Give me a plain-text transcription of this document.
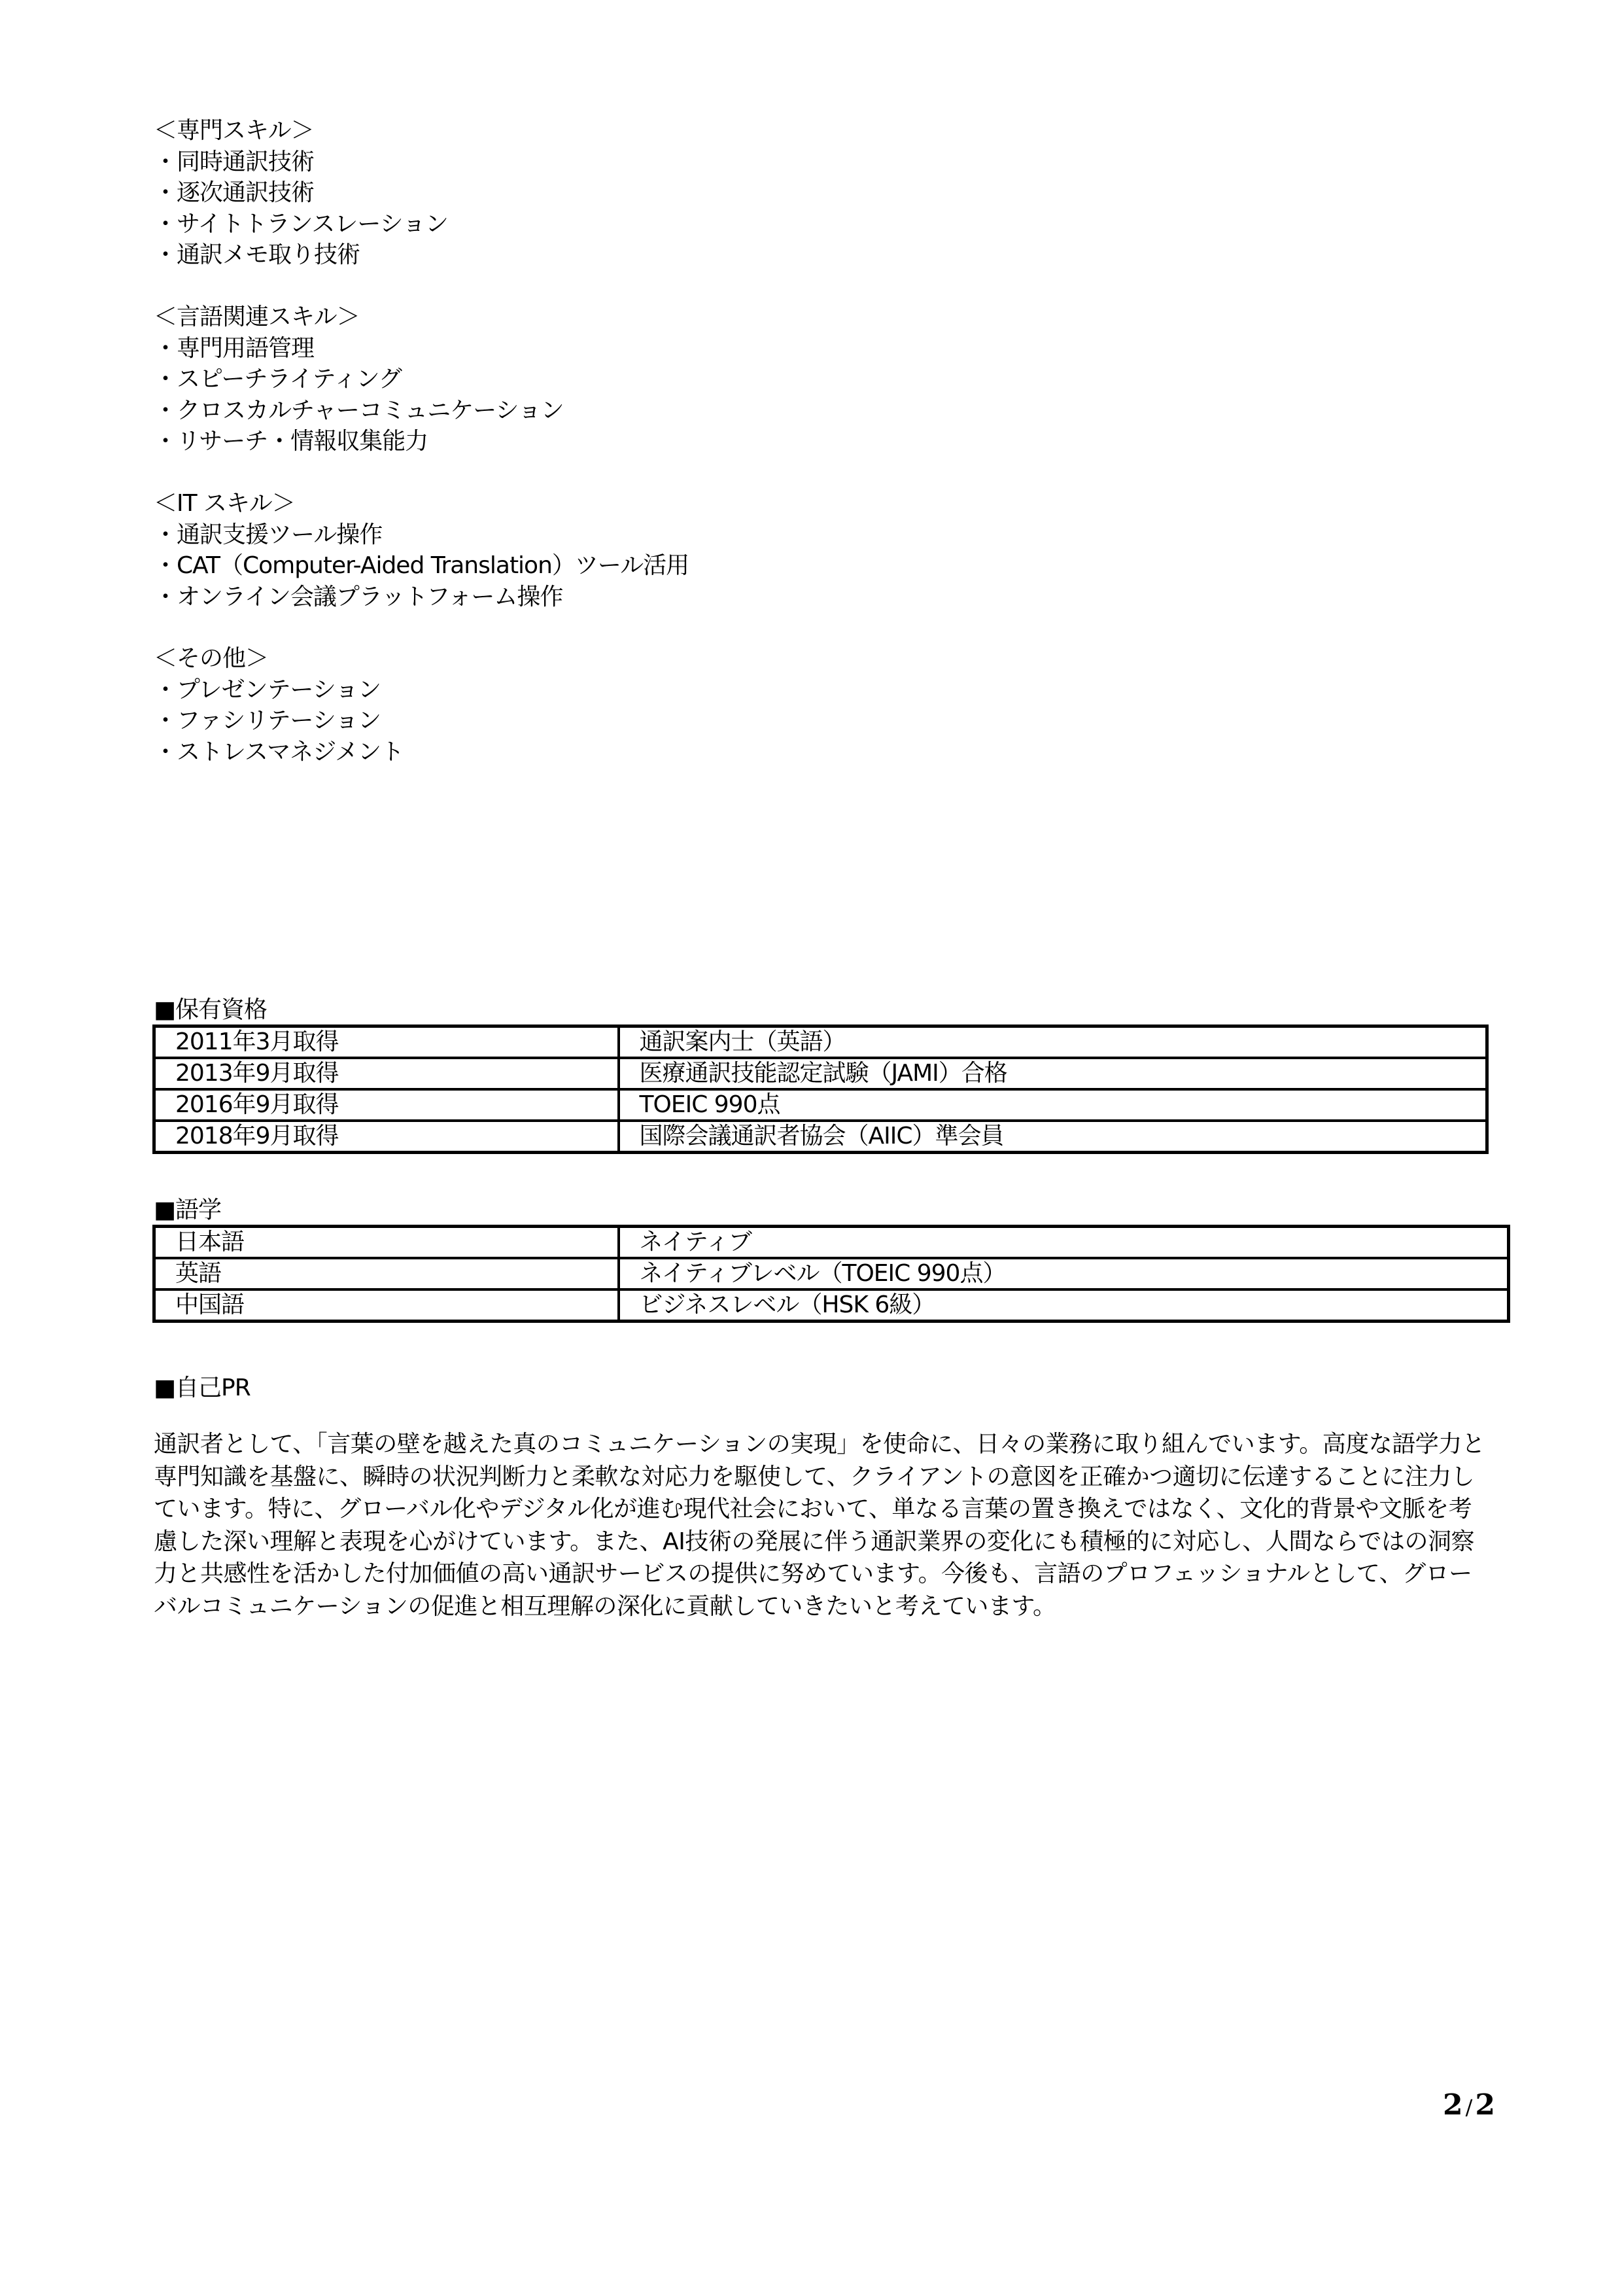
＜専門スキル＞
・同時通訳技術
・逐次通訳技術
・サイトトランスレーション
・通訳メモ取り技術
＜言語関連スキル＞
・専門用語管理
・スピーチライティング
・クロスカルチャーコミュニケーション
・リサーチ・情報収集能力
＜IT スキル＞
・通訳支援ツール操作
・CAT（Computer-Aided Translation）ツール活用
・オンライン会議プラットフォーム操作
＜その他＞
・プレゼンテーション
・ファシリテーション
・ストレスマネジメント
■保有資格
2011年3月取得	通訳案内士（英語）
2013年9月取得	医療通訳技能認定試験（JAMI）合格
2016年9月取得	TOEIC 990点
2018年9月取得	国際会議通訳者協会（AIIC）準会員
■語学
日本語	ネイティブ
英語	ネイティブレベル（TOEIC 990点）
中国語	ビジネスレベル（HSK 6級）
■自己PR
通訳者として、「言葉の壁を越えた真のコミュニケーションの実現」を使命に、日々の業務に取り組んでいます。高度な語学力と専門知識を基盤に、瞬時の状況判断力と柔軟な対応力を駆使して、クライアントの意図を正確かつ適切に伝達することに注力しています。特に、グローバル化やデジタル化が進む現代社会において、単なる言葉の置き換えではなく、文化的背景や文脈を考慮した深い理解と表現を心がけています。また、AI技術の発展に伴う通訳業界の変化にも積極的に対応し、人間ならではの洞察力と共感性を活かした付加価値の高い通訳サービスの提供に努めています。今後も、言語のプロフェッショナルとして、グローバルコミュニケーションの促進と相互理解の深化に貢献していきたいと考えています。
2 /2
